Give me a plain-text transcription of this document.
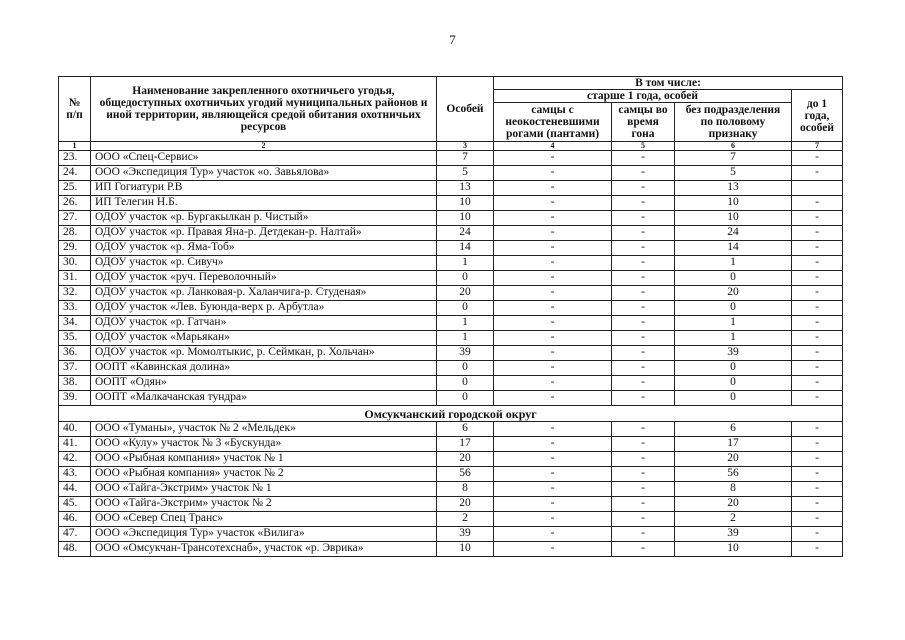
7
№ п/п	Наименование закрепленного охотничьего угодья, общедоступных охотничьих угодий муниципальных районов и иной территории, являющейся средой обитания охотничьих ресурсов	Особей	В том числе:			
			старше 1 года, особей			до 1 года, особей
			самцы с неокостеневшими рогами (пантами)	самцы во время гона	без подразделения по половому признаку	
1	2	3	4	5	6	7
23.	ООО «Спец-Сервис»	7	-	-	7	-
24.	ООО «Экспедиция Тур» участок «о. Завьялова»	5	-	-	5	-
25.	ИП Гогиатури Р.В	13	-	-	13	
26.	ИП Телегин Н.Б.	10	-	-	10	-
27.	ОДОУ участок «р. Бургакылкан р. Чистый»	10	-	-	10	-
28.	ОДОУ участок «р. Правая Яна-р. Детдекан-р. Налтай»	24	-	-	24	-
29.	ОДОУ участок «р. Яма-Тоб»	14	-	-	14	-
30.	ОДОУ участок «р. Сивуч»	1	-	-	1	-
31.	ОДОУ участок «руч. Переволочный»	0	-	-	0	-
32.	ОДОУ участок «р. Ланковая-р. Халанчига-р. Студеная»	20	-	-	20	-
33.	ОДОУ участок «Лев. Буюнда-верх р. Арбутла»	0	-	-	0	-
34.	ОДОУ участок «р. Гатчан»	1	-	-	1	-
35.	ОДОУ участок «Марьякан»	1	-	-	1	-
36.	ОДОУ участок «р. Момолтыкис, р. Сеймкан, р. Хольчан»	39	-	-	39	-
37.	ООПТ «Кавинская долина»	0	-	-	0	-
38.	ООПТ «Одян»	0	-	-	0	-
39.	ООПТ «Малкачанская тундра»	0	-	-	0	-
Омсукчанский городской округ						
40.	ООО «Туманы», участок № 2 «Мельдек»	6	-	-	6	-
41.	ООО «Кулу» участок № 3 «Бускунда»	17	-	-	17	-
42.	ООО «Рыбная компания» участок № 1	20	-	-	20	-
43.	ООО «Рыбная компания» участок № 2	56	-	-	56	-
44.	ООО «Тайга-Экстрим» участок № 1	8	-	-	8	-
45.	ООО «Тайга-Экстрим» участок № 2	20	-	-	20	-
46.	ООО «Север Спец Транс»	2	-	-	2	-
47.	ООО «Экспедиция Тур» участок «Вилига»	39	-	-	39	-
48.	ООО «Омсукчан-Трансотехснаб», участок «р. Эврика»	10	-	-	10	-
